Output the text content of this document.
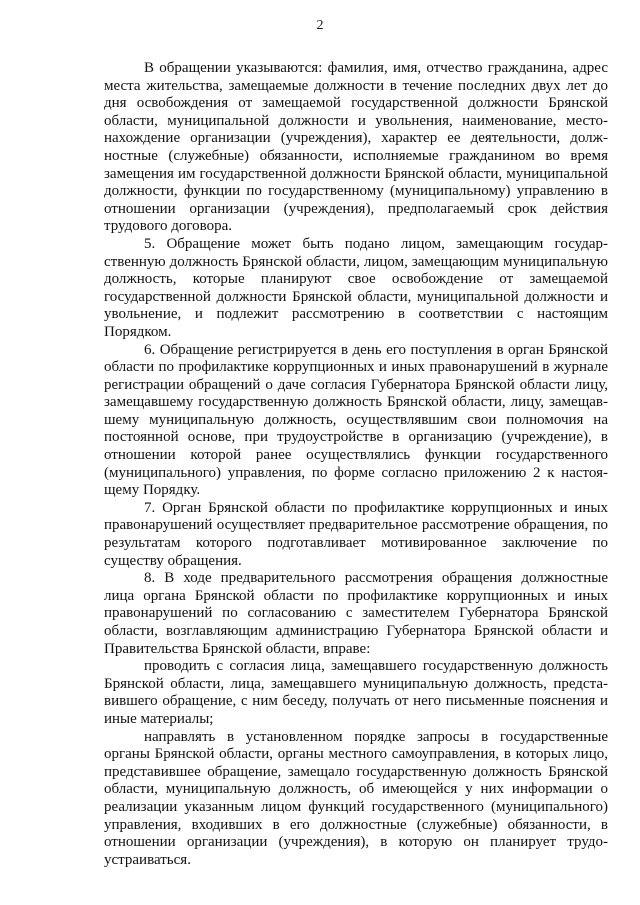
2

В обращении указываются: фамилия, имя, отчество гражданина, адрес места жительства, замещаемые должности в течение последних двух лет до дня освобождения от замещаемой государственной должности Брянской области, муниципальной должности и увольнения, наименование, местонахождение организации (учреждения), характер ее деятельности, должностные (служебные) обязанности, исполняемые гражданином во время замещения им государственной должности Брянской области, муниципальной должности, функции по государственному (муниципальному) управлению в отношении организации (учреждения), предполагаемый срок действия трудового договора.

5. Обращение может быть подано лицом, замещающим государственную должность Брянской области, лицом, замещающим муниципальную должность, которые планируют свое освобождение от замещаемой государственной должности Брянской области, муниципальной должности и увольнение, и подлежит рассмотрению в соответствии с настоящим Порядком.

6. Обращение регистрируется в день его поступления в орган Брянской области по профилактике коррупционных и иных правонарушений в журнале регистрации обращений о даче согласия Губернатора Брянской области лицу, замещавшему государственную должность Брянской области, лицу, замещавшему муниципальную должность, осуществлявшим свои полномочия на постоянной основе, при трудоустройстве в организацию (учреждение), в отношении которой ранее осуществлялись функции государственного (муниципального) управления, по форме согласно приложению 2 к настоящему Порядку.

7. Орган Брянской области по профилактике коррупционных и иных правонарушений осуществляет предварительное рассмотрение обращения, по результатам которого подготавливает мотивированное заключение по существу обращения.

8. В ходе предварительного рассмотрения обращения должностные лица органа Брянской области по профилактике коррупционных и иных правонарушений по согласованию с заместителем Губернатора Брянской области, возглавляющим администрацию Губернатора Брянской области и Правительства Брянской области, вправе:

проводить с согласия лица, замещавшего государственную должность Брянской области, лица, замещавшего муниципальную должность, представившего обращение, с ним беседу, получать от него письменные пояснения и иные материалы;

направлять в установленном порядке запросы в государственные органы Брянской области, органы местного самоуправления, в которых лицо, представившее обращение, замещало государственную должность Брянской области, муниципальную должность, об имеющейся у них информации о реализации указанным лицом функций государственного (муниципального) управления, входивших в его должностные (служебные) обязанности, в отношении организации (учреждения), в которую он планирует трудоустраиваться.
